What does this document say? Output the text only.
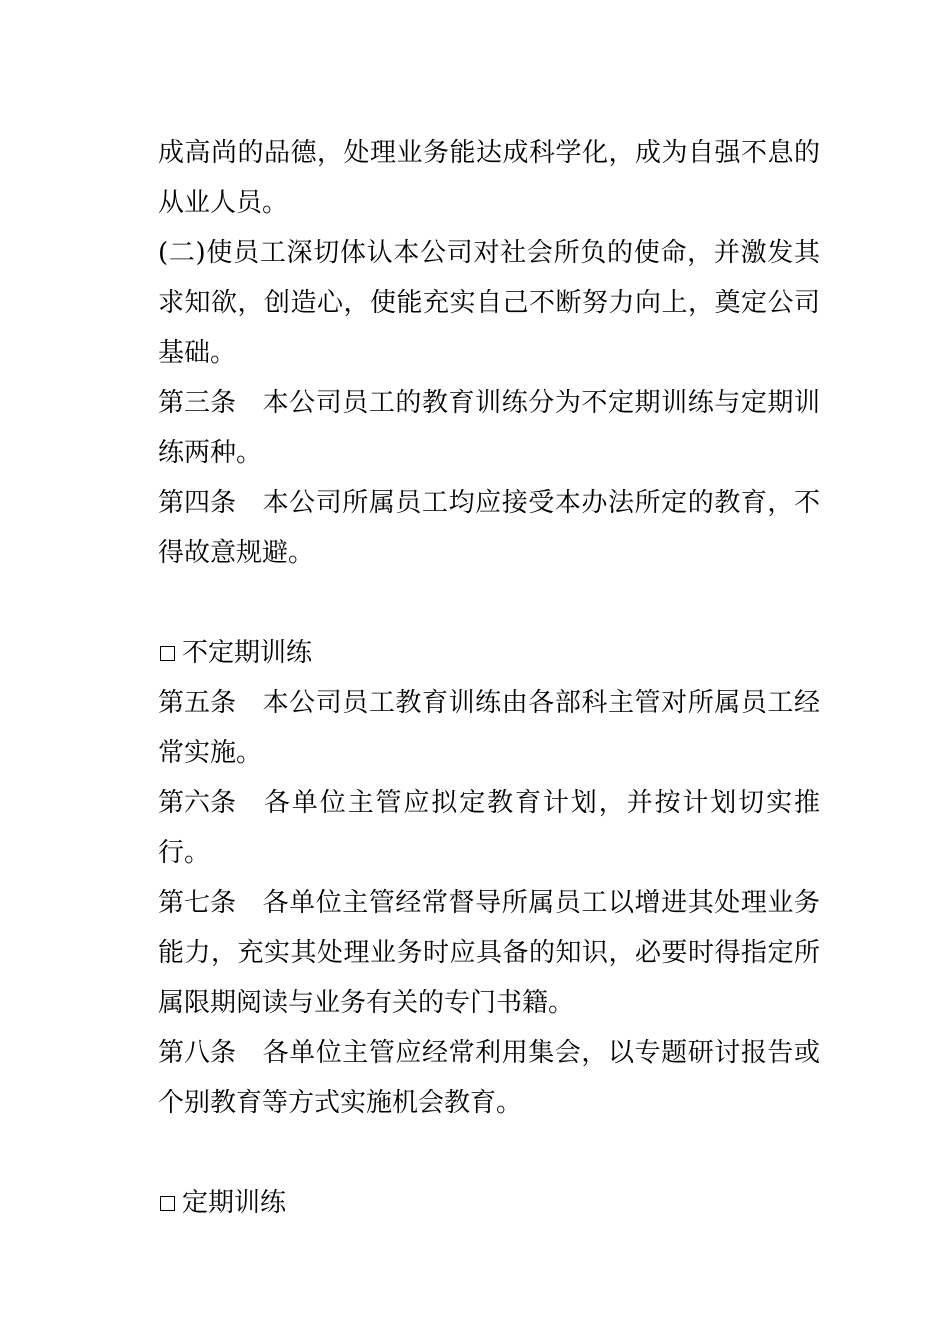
成高尚的品德，处理业务能达成科学化，成为自强不息的从业人员。

(二)使员工深切体认本公司对社会所负的使命，并激发其求知欲，创造心，使能充实自己不断努力向上，奠定公司基础。

第三条 本公司员工的教育训练分为不定期训练与定期训练两种。

第四条 本公司所属员工均应接受本办法所定的教育，不得故意规避。

不定期训练

第五条 本公司员工教育训练由各部科主管对所属员工经常实施。

第六条 各单位主管应拟定教育计划，并按计划切实推行。

第七条 各单位主管经常督导所属员工以增进其处理业务能力，充实其处理业务时应具备的知识，必要时得指定所属限期阅读与业务有关的专门书籍。

第八条 各单位主管应经常利用集会，以专题研讨报告或个别教育等方式实施机会教育。

定期训练
